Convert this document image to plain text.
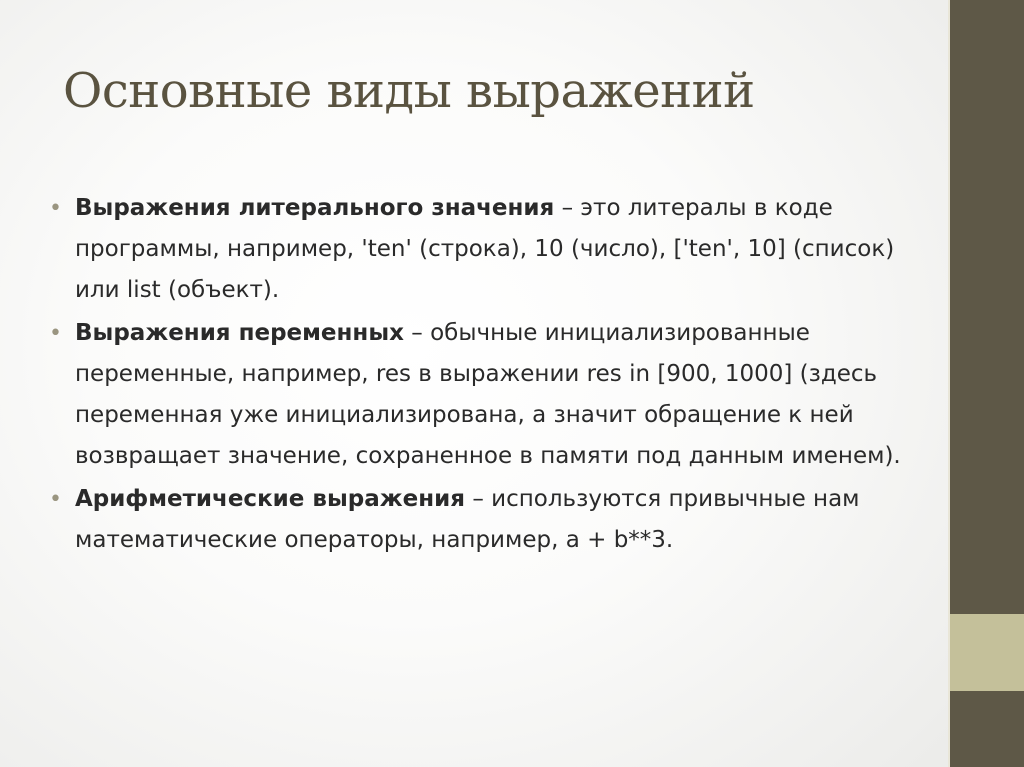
Основные виды выражений
• Выражения литерального значения – это литералы в коде программы, например, 'ten' (строка), 10 (число), ['ten', 10] (список) или list (объект).
• Выражения переменных – обычные инициализированные переменные, например, res в выражении res in [900, 1000] (здесь переменная уже инициализирована, а значит обращение к ней возвращает значение, сохраненное в памяти под данным именем).
• Арифметические выражения – используются привычные нам математические операторы, например, a + b**3.
